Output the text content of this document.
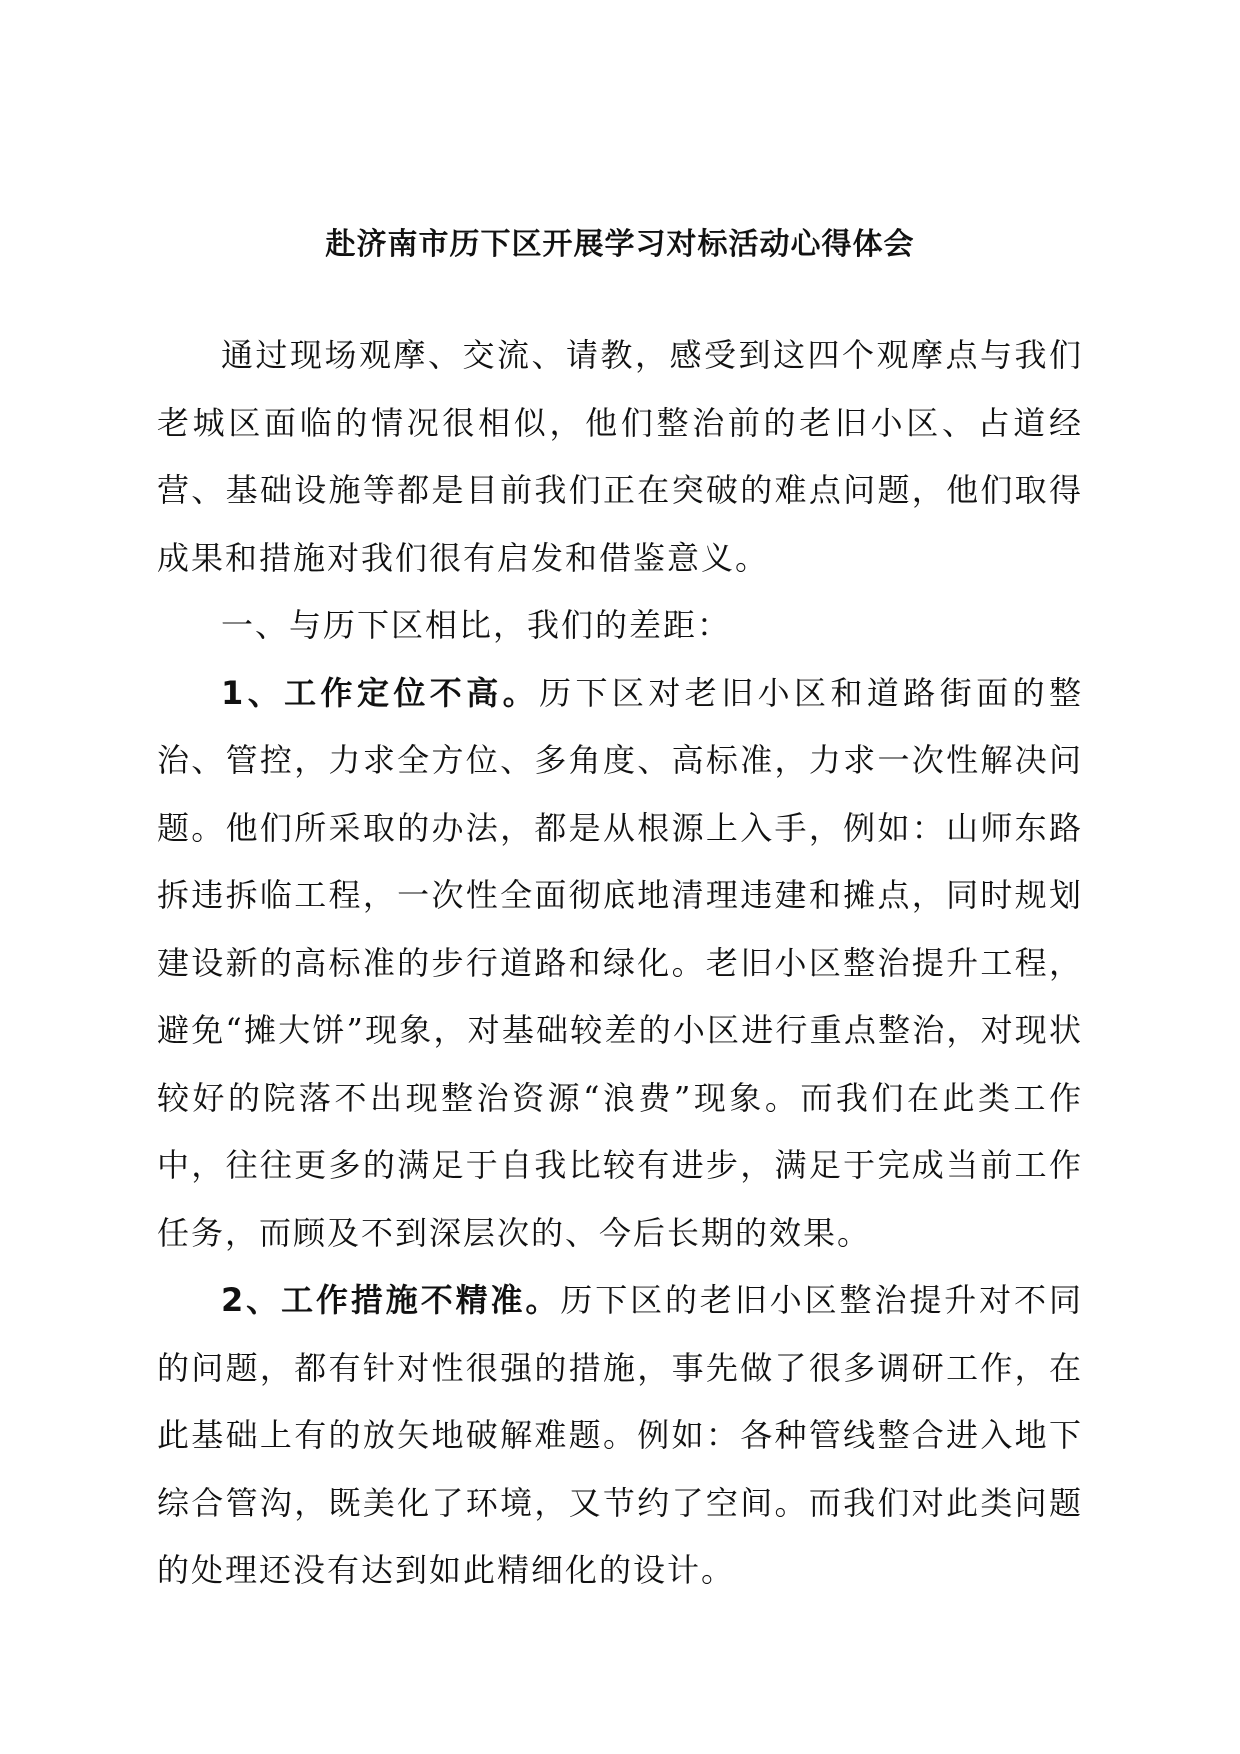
赴济南市历下区开展学习对标活动心得体会

通过现场观摩、交流、请教，感受到这四个观摩点与我们老城区面临的情况很相似，他们整治前的老旧小区、占道经营、基础设施等都是目前我们正在突破的难点问题，他们取得成果和措施对我们很有启发和借鉴意义。

一、与历下区相比，我们的差距：

1、工作定位不高。历下区对老旧小区和道路街面的整治、管控，力求全方位、多角度、高标准，力求一次性解决问题。他们所采取的办法，都是从根源上入手，例如：山师东路拆违拆临工程，一次性全面彻底地清理违建和摊点，同时规划建设新的高标准的步行道路和绿化。老旧小区整治提升工程，避免“摊大饼”现象，对基础较差的小区进行重点整治，对现状较好的院落不出现整治资源“浪费”现象。而我们在此类工作中，往往更多的满足于自我比较有进步，满足于完成当前工作任务，而顾及不到深层次的、今后长期的效果。

2、工作措施不精准。历下区的老旧小区整治提升对不同的问题，都有针对性很强的措施，事先做了很多调研工作，在此基础上有的放矢地破解难题。例如：各种管线整合进入地下综合管沟，既美化了环境，又节约了空间。而我们对此类问题的处理还没有达到如此精细化的设计。
